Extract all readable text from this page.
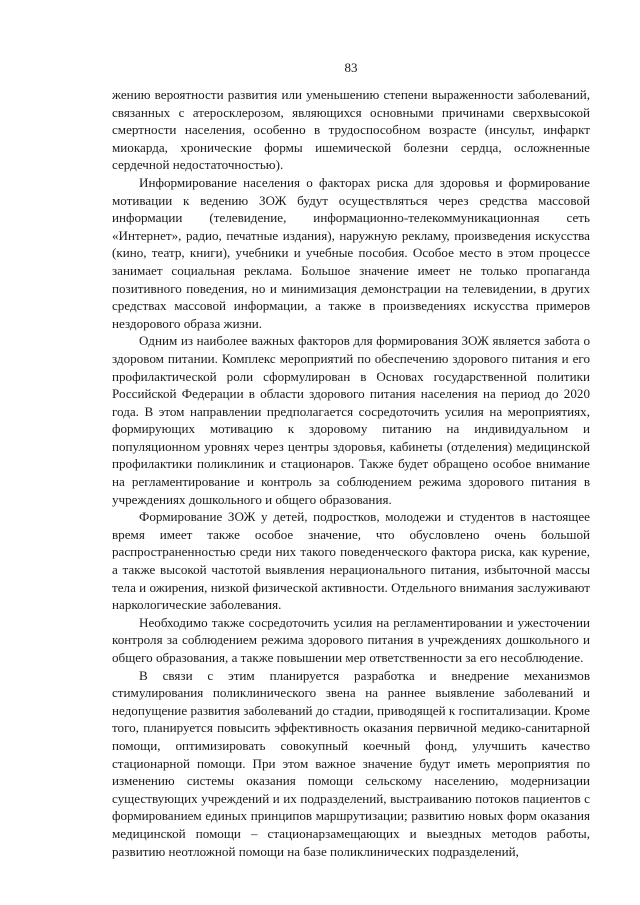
83

жению вероятности развития или уменьшению степени выраженности заболеваний, связанных с атеросклерозом, являющихся основными причинами сверхвысокой смертности населения, особенно в трудоспособном возрасте (инсульт, инфаркт миокарда, хронические формы ишемической болезни сердца, осложненные сердечной недостаточностью).

Информирование населения о факторах риска для здоровья и формирование мотивации к ведению ЗОЖ будут осуществляться через средства массовой информации (телевидение, информационно-телекоммуникационная сеть «Интернет», радио, печатные издания), наружную рекламу, произведения искусства (кино, театр, книги), учебники и учебные пособия. Особое место в этом процессе занимает социальная реклама. Большое значение имеет не только пропаганда позитивного поведения, но и минимизация демонстрации на телевидении, в других средствах массовой информации, а также в произведениях искусства примеров нездорового образа жизни.

Одним из наиболее важных факторов для формирования ЗОЖ является забота о здоровом питании. Комплекс мероприятий по обеспечению здорового питания и его профилактической роли сформулирован в Основах государственной политики Российской Федерации в области здорового питания населения на период до 2020 года. В этом направлении предполагается сосредоточить усилия на мероприятиях, формирующих мотивацию к здоровому питанию на индивидуальном и популяционном уровнях через центры здоровья, кабинеты (отделения) медицинской профилактики поликлиник и стационаров. Также будет обращено особое внимание на регламентирование и контроль за соблюдением режима здорового питания в учреждениях дошкольного и общего образования.

Формирование ЗОЖ у детей, подростков, молодежи и студентов в настоящее время имеет также особое значение, что обусловлено очень большой распространенностью среди них такого поведенческого фактора риска, как курение, а также высокой частотой выявления нерационального питания, избыточной массы тела и ожирения, низкой физической активности. Отдельного внимания заслуживают наркологические заболевания.

Необходимо также сосредоточить усилия на регламентировании и ужесточении контроля за соблюдением режима здорового питания в учреждениях дошкольного и общего образования, а также повышении мер ответственности за его несоблюдение.

В связи с этим планируется разработка и внедрение механизмов стимулирования поликлинического звена на раннее выявление заболеваний и недопущение развития заболеваний до стадии, приводящей к госпитализации. Кроме того, планируется повысить эффективность оказания первичной медико-санитарной помощи, оптимизировать совокупный коечный фонд, улучшить качество стационарной помощи. При этом важное значение будут иметь мероприятия по изменению системы оказания помощи сельскому населению, модернизации существующих учреждений и их подразделений, выстраиванию потоков пациентов с формированием единых принципов маршрутизации; развитию новых форм оказания медицинской помощи – стационарзамещающих и выездных методов работы, развитию неотложной помощи на базе поликлинических подразделений,
